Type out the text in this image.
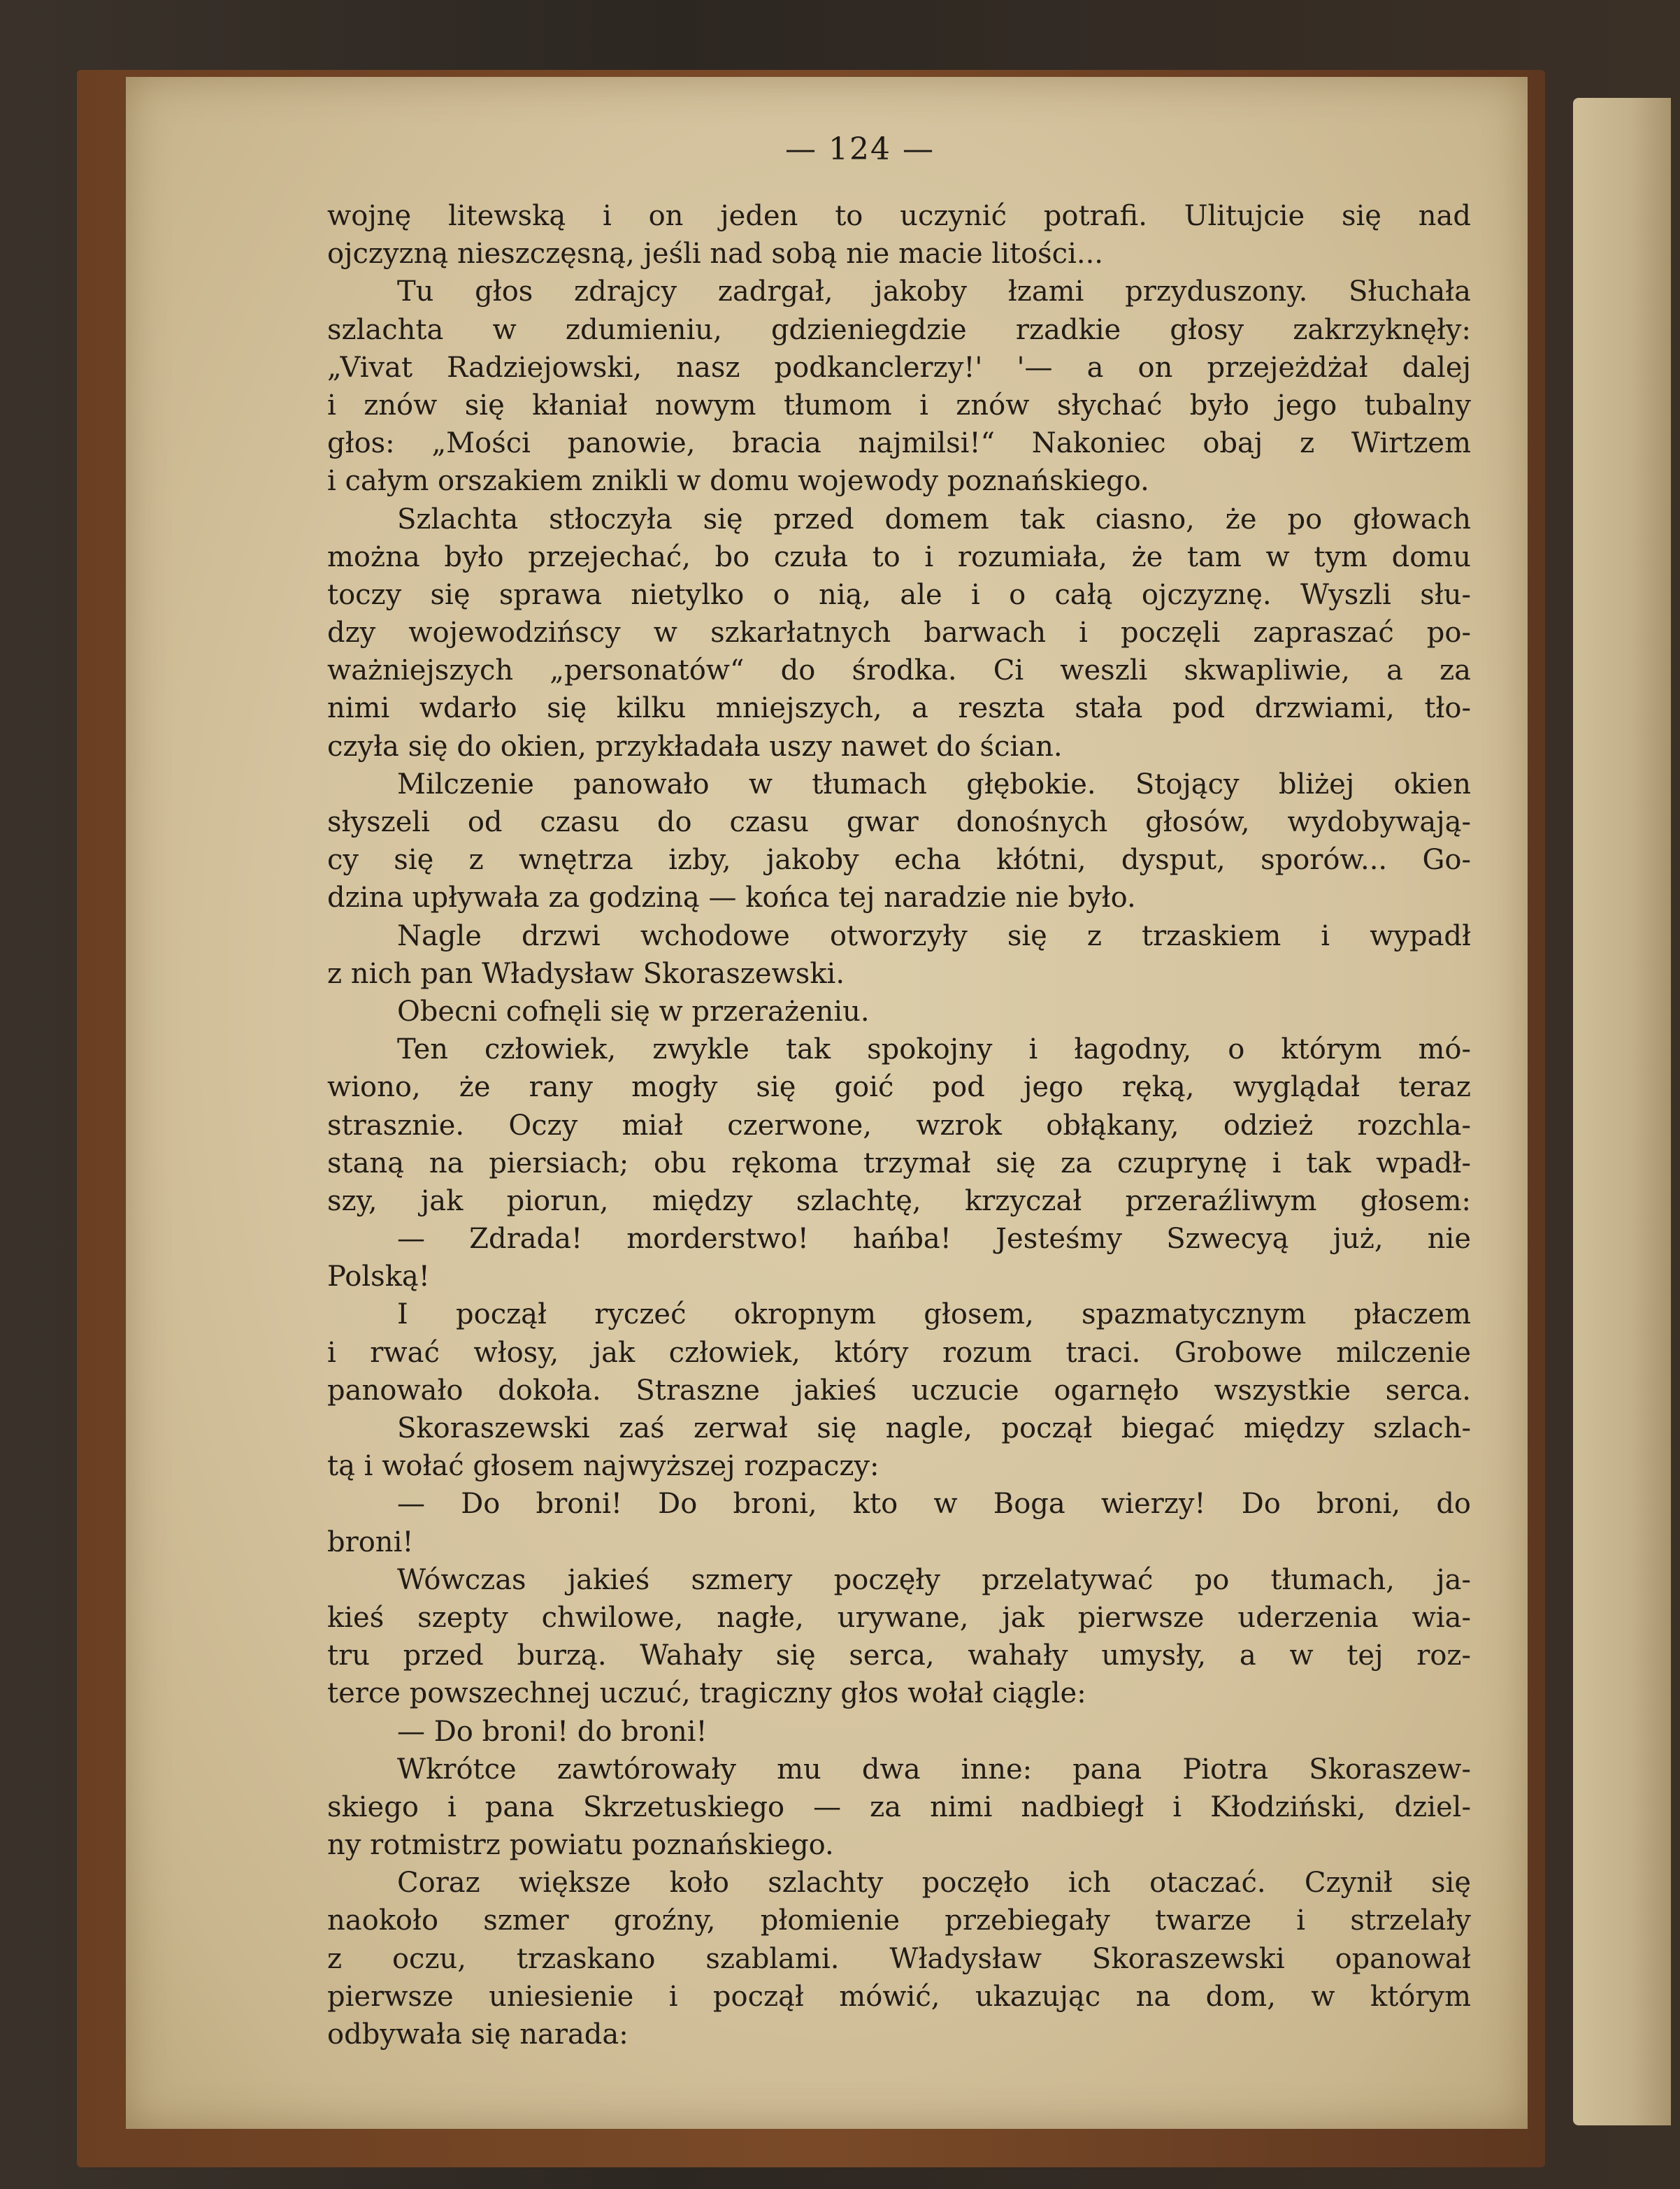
— 124 —
wojnę litewską i on jeden to uczynić potrafi. Ulitujcie się nad
ojczyzną nieszczęsną, jeśli nad sobą nie macie litości...
Tu głos zdrajcy zadrgał, jakoby łzami przyduszony. Słuchała
szlachta w zdumieniu, gdzieniegdzie rzadkie głosy zakrzyknęły:
„Vivat Radziejowski, nasz podkanclerzy!' '— a on przejeżdżał dalej
i znów się kłaniał nowym tłumom i znów słychać było jego tubalny
głos: „Mości panowie, bracia najmilsi!“ Nakoniec obaj z Wirtzem
i całym orszakiem znikli w domu wojewody poznańskiego.
Szlachta stłoczyła się przed domem tak ciasno, że po głowach
można było przejechać, bo czuła to i rozumiała, że tam w tym domu
toczy się sprawa nietylko o nią, ale i o całą ojczyznę. Wyszli słu-
dzy wojewodzińscy w szkarłatnych barwach i poczęli zapraszać po-
ważniejszych „personatów“ do środka. Ci weszli skwapliwie, a za
nimi wdarło się kilku mniejszych, a reszta stała pod drzwiami, tło-
czyła się do okien, przykładała uszy nawet do ścian.
Milczenie panowało w tłumach głębokie. Stojący bliżej okien
słyszeli od czasu do czasu gwar donośnych głosów, wydobywają-
cy się z wnętrza izby, jakoby echa kłótni, dysput, sporów... Go-
dzina upływała za godziną — końca tej naradzie nie było.
Nagle drzwi wchodowe otworzyły się z trzaskiem i wypadł
z nich pan Władysław Skoraszewski.
Obecni cofnęli się w przerażeniu.
Ten człowiek, zwykle tak spokojny i łagodny, o którym mó-
wiono, że rany mogły się goić pod jego ręką, wyglądał teraz
strasznie. Oczy miał czerwone, wzrok obłąkany, odzież rozchla-
staną na piersiach; obu rękoma trzymał się za czuprynę i tak wpadł-
szy, jak piorun, między szlachtę, krzyczał przeraźliwym głosem:
— Zdrada! morderstwo! hańba! Jesteśmy Szwecyą już, nie
Polską!
I począł ryczeć okropnym głosem, spazmatycznym płaczem
i rwać włosy, jak człowiek, który rozum traci. Grobowe milczenie
panowało dokoła. Straszne jakieś uczucie ogarnęło wszystkie serca.
Skoraszewski zaś zerwał się nagle, począł biegać między szlach-
tą i wołać głosem najwyższej rozpaczy:
— Do broni! Do broni, kto w Boga wierzy! Do broni, do
broni!
Wówczas jakieś szmery poczęły przelatywać po tłumach, ja-
kieś szepty chwilowe, nagłe, urywane, jak pierwsze uderzenia wia-
tru przed burzą. Wahały się serca, wahały umysły, a w tej roz-
terce powszechnej uczuć, tragiczny głos wołał ciągle:
— Do broni! do broni!
Wkrótce zawtórowały mu dwa inne: pana Piotra Skoraszew-
skiego i pana Skrzetuskiego — za nimi nadbiegł i Kłodziński, dziel-
ny rotmistrz powiatu poznańskiego.
Coraz większe koło szlachty poczęło ich otaczać. Czynił się
naokoło szmer groźny, płomienie przebiegały twarze i strzelały
z oczu, trzaskano szablami. Władysław Skoraszewski opanował
pierwsze uniesienie i począł mówić, ukazując na dom, w którym
odbywała się narada:
